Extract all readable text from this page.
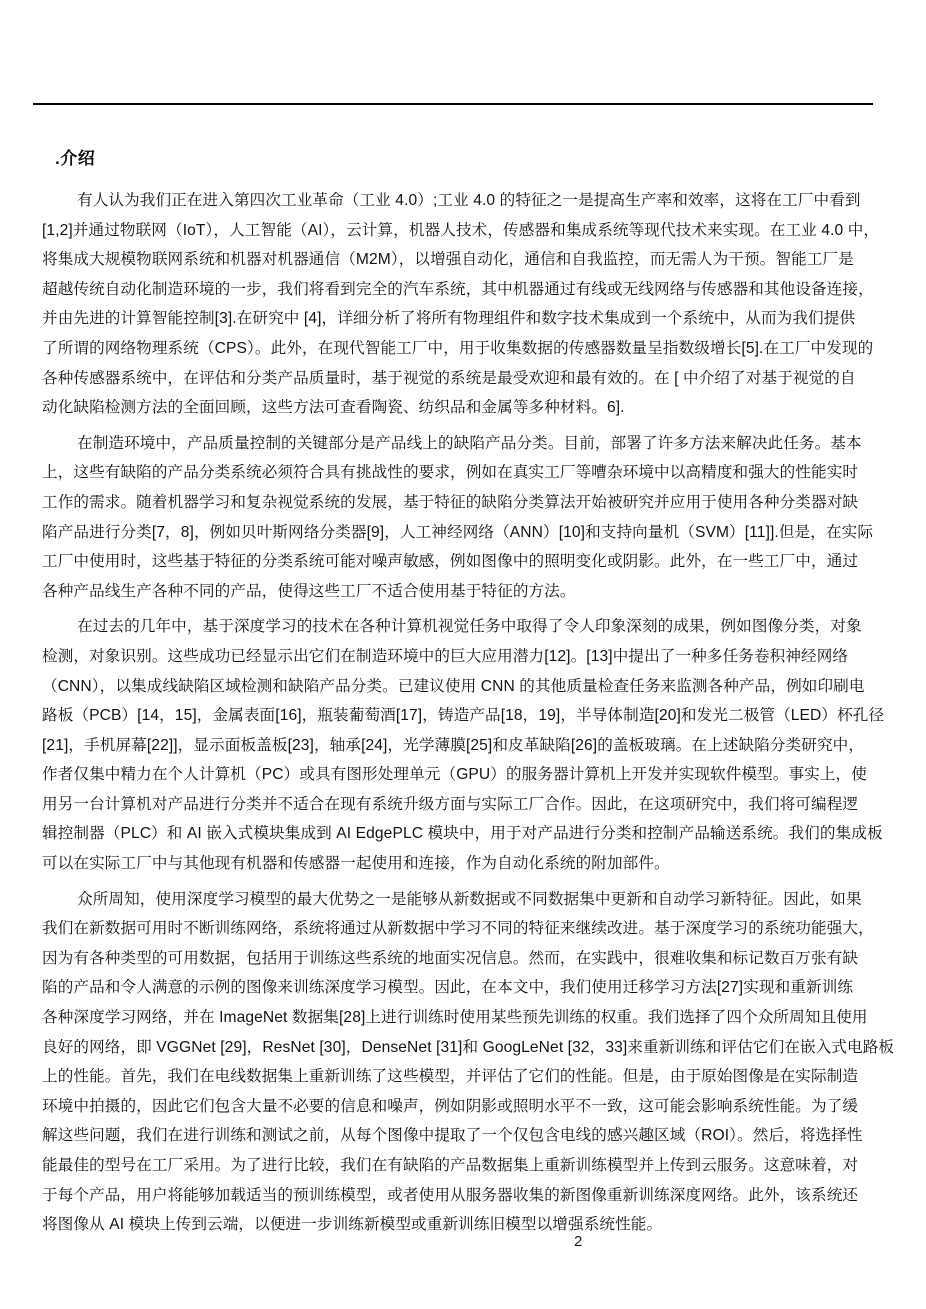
.介绍
有人认为我们正在进入第四次工业革命（工业 4.0）;工业 4.0 的特征之一是提高生产率和效率，这将在工厂中看到
[1,2]并通过物联网（IoT），人工智能（AI），云计算，机器人技术，传感器和集成系统等现代技术来实现。在工业 4.0 中，
将集成大规模物联网系统和机器对机器通信（M2M），以增强自动化，通信和自我监控，而无需人为干预。智能工厂是
超越传统自动化制造环境的一步，我们将看到完全的汽车系统，其中机器通过有线或无线网络与传感器和其他设备连接，
并由先进的计算智能控制[3].在研究中 [4]，详细分析了将所有物理组件和数字技术集成到一个系统中，从而为我们提供
了所谓的网络物理系统（CPS）。此外，在现代智能工厂中，用于收集数据的传感器数量呈指数级增长[5].在工厂中发现的
各种传感器系统中，在评估和分类产品质量时，基于视觉的系统是最受欢迎和最有效的。在 [ 中介绍了对基于视觉的自
动化缺陷检测方法的全面回顾，这些方法可查看陶瓷、纺织品和金属等多种材料。6].
在制造环境中，产品质量控制的关键部分是产品线上的缺陷产品分类。目前，部署了许多方法来解决此任务。基本
上，这些有缺陷的产品分类系统必须符合具有挑战性的要求，例如在真实工厂等嘈杂环境中以高精度和强大的性能实时
工作的需求。随着机器学习和复杂视觉系统的发展，基于特征的缺陷分类算法开始被研究并应用于使用各种分类器对缺
陷产品进行分类[7，8]，例如贝叶斯网络分类器[9]，人工神经网络（ANN）[10]和支持向量机（SVM）[11]].但是，在实际
工厂中使用时，这些基于特征的分类系统可能对噪声敏感，例如图像中的照明变化或阴影。此外，在一些工厂中，通过
各种产品线生产各种不同的产品，使得这些工厂不适合使用基于特征的方法。
在过去的几年中，基于深度学习的技术在各种计算机视觉任务中取得了令人印象深刻的成果，例如图像分类，对象
检测，对象识别。这些成功已经显示出它们在制造环境中的巨大应用潜力[12]。[13]中提出了一种多任务卷积神经网络
（CNN），以集成线缺陷区域检测和缺陷产品分类。已建议使用 CNN 的其他质量检查任务来监测各种产品，例如印刷电
路板（PCB）[14，15]，金属表面[16]，瓶装葡萄酒[17]，铸造产品[18，19]，半导体制造[20]和发光二极管（LED）杯孔径
[21]，手机屏幕[22]]，显示面板盖板[23]，轴承[24]，光学薄膜[25]和皮革缺陷[26]的盖板玻璃。在上述缺陷分类研究中，
作者仅集中精力在个人计算机（PC）或具有图形处理单元（GPU）的服务器计算机上开发并实现软件模型。事实上，使
用另一台计算机对产品进行分类并不适合在现有系统升级方面与实际工厂合作。因此，在这项研究中，我们将可编程逻
辑控制器（PLC）和 AI 嵌入式模块集成到 AI EdgePLC 模块中，用于对产品进行分类和控制产品输送系统。我们的集成板
可以在实际工厂中与其他现有机器和传感器一起使用和连接，作为自动化系统的附加部件。
众所周知，使用深度学习模型的最大优势之一是能够从新数据或不同数据集中更新和自动学习新特征。因此，如果
我们在新数据可用时不断训练网络，系统将通过从新数据中学习不同的特征来继续改进。基于深度学习的系统功能强大，
因为有各种类型的可用数据，包括用于训练这些系统的地面实况信息。然而，在实践中，很难收集和标记数百万张有缺
陷的产品和令人满意的示例的图像来训练深度学习模型。因此，在本文中，我们使用迁移学习方法[27]实现和重新训练
各种深度学习网络，并在 ImageNet 数据集[28]上进行训练时使用某些预先训练的权重。我们选择了四个众所周知且使用
良好的网络，即 VGGNet [29]，ResNet [30]，DenseNet [31]和 GoogLeNet [32，33]来重新训练和评估它们在嵌入式电路板
上的性能。首先，我们在电线数据集上重新训练了这些模型，并评估了它们的性能。但是，由于原始图像是在实际制造
环境中拍摄的，因此它们包含大量不必要的信息和噪声，例如阴影或照明水平不一致，这可能会影响系统性能。为了缓
解这些问题，我们在进行训练和测试之前，从每个图像中提取了一个仅包含电线的感兴趣区域（ROI）。然后，将选择性
能最佳的型号在工厂采用。为了进行比较，我们在有缺陷的产品数据集上重新训练模型并上传到云服务。这意味着，对
于每个产品，用户将能够加载适当的预训练模型，或者使用从服务器收集的新图像重新训练深度网络。此外，该系统还
将图像从 AI 模块上传到云端，以便进一步训练新模型或重新训练旧模型以增强系统性能。
2
